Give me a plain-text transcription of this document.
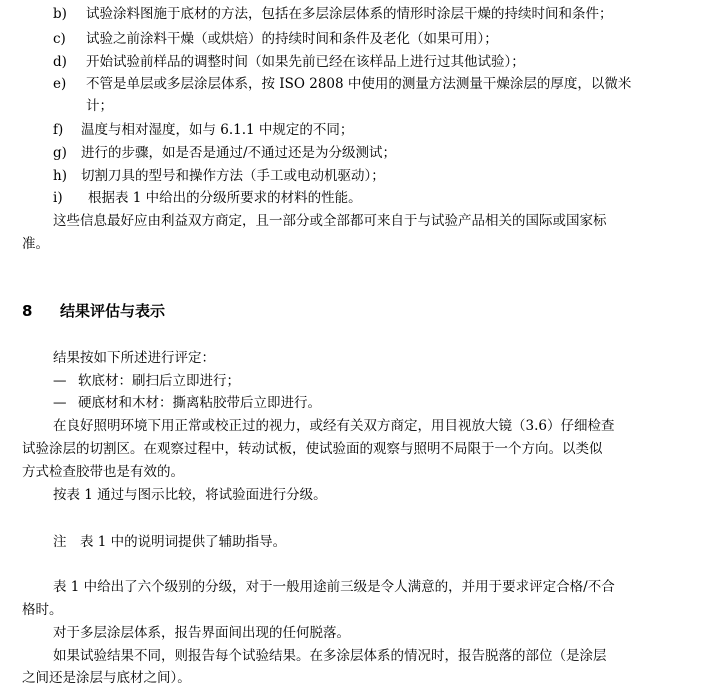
b) 试验涂料图施于底材的方法，包括在多层涂层体系的情形时涂层干燥的持续时间和条件；
c) 试验之前涂料干燥（或烘焙）的持续时间和条件及老化（如果可用）；
d) 开始试验前样品的调整时间（如果先前已经在该样品上进行过其他试验）；
e) 不管是单层或多层涂层体系，按 ISO 2808 中使用的测量方法测量干燥涂层的厚度，以微米
计；
f) 温度与相对湿度，如与 6.1.1 中规定的不同；
g) 进行的步骤，如是否是通过/不通过还是为分级测试；
h) 切割刀具的型号和操作方法（手工或电动机驱动）；
i) 根据表 1 中给出的分级所要求的材料的性能。
这些信息最好应由利益双方商定，且一部分或全部都可来自于与试验产品相关的国际或国家标
准。
8 结果评估与表示
结果按如下所述进行评定：
— 软底材：刷扫后立即进行；
— 硬底材和木材：撕离粘胶带后立即进行。
在良好照明环境下用正常或校正过的视力，或经有关双方商定，用目视放大镜（3.6）仔细检查
试验涂层的切割区。在观察过程中，转动试板，使试验面的观察与照明不局限于一个方向。以类似
方式检查胶带也是有效的。
按表 1 通过与图示比较，将试验面进行分级。
注　表 1 中的说明词提供了辅助指导。
表 1 中给出了六个级别的分级，对于一般用途前三级是令人满意的，并用于要求评定合格/不合
格时。
对于多层涂层体系，报告界面间出现的任何脱落。
如果试验结果不同，则报告每个试验结果。在多涂层体系的情况时，报告脱落的部位（是涂层
之间还是涂层与底材之间）。
